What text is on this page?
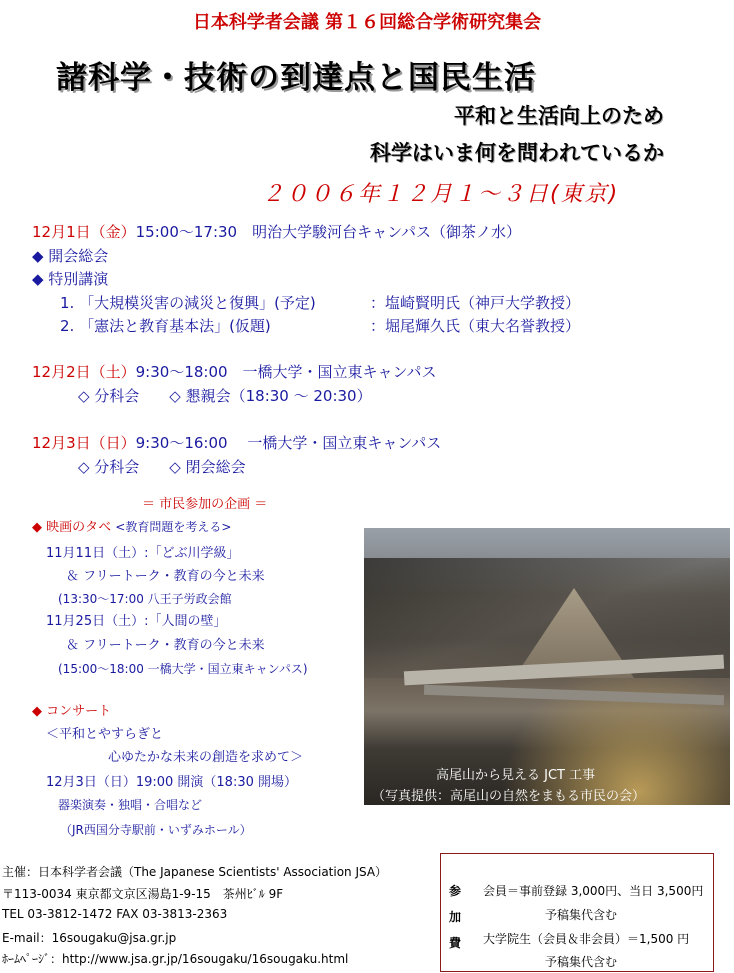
日本科学者会議 第１６回総合学術研究集会
諸科学・技術の到達点と国民生活
平和と生活向上のため
科学はいま何を問われているか
２００６年１２月１～３日(東京)
12月1日（金）15:00～17:30　明治大学駿河台キャンパス（御茶ノ水）
◆ 開会総会
◆ 特別講演
1. 「大規模災害の減災と復興」(予定)	：塩崎賢明氏（神戸大学教授）
2. 「憲法と教育基本法」(仮題)	：堀尾輝久氏（東大名誉教授）
12月2日（土）9:30～18:00　一橋大学・国立東キャンパス
◇ 分科会　　◇ 懇親会（18:30 ～ 20:30）
12月3日（日）9:30～16:00　 一橋大学・国立東キャンパス
◇ 分科会　　◇ 閉会総会
＝ 市民参加の企画 ＝
◆ 映画のタベ <教育問題を考える>
11月11日（土）:「どぶ川学級」
＆ フリートーク・教育の今と未来
(13:30～17:00 八王子労政会館
11月25日（土）:「人間の壁」
＆ フリートーク・教育の今と未来
(15:00～18:00 一橋大学・国立東キャンパス)
◆ コンサート
＜平和とやすらぎと
心ゆたかな未来の創造を求めて＞
12月3日（日）19:00 開演（18:30 開場）
器楽演奏・独唱・合唱など
（JR西国分寺駅前・いずみホール）
高尾山から見える JCT 工事
（写真提供：高尾山の自然をまもる市民の会）
主催：日本科学者会議（The Japanese Scientists' Association JSA）
〒113-0034 東京都文京区湯島1-9-15　茶州ﾋﾞﾙ 9F
TEL 03-3812-1472 FAX 03-3813-2363
E-mail：16sougaku@jsa.gr.jp
ﾎｰﾑﾍﾟｰｼﾞ：http://www.jsa.gr.jp/16sougaku/16sougaku.html
参
加
費
会員＝事前登録 3,000円、当日 3,500円
予稿集代含む
大学院生（会員＆非会員）＝1,500 円
予稿集代含む
